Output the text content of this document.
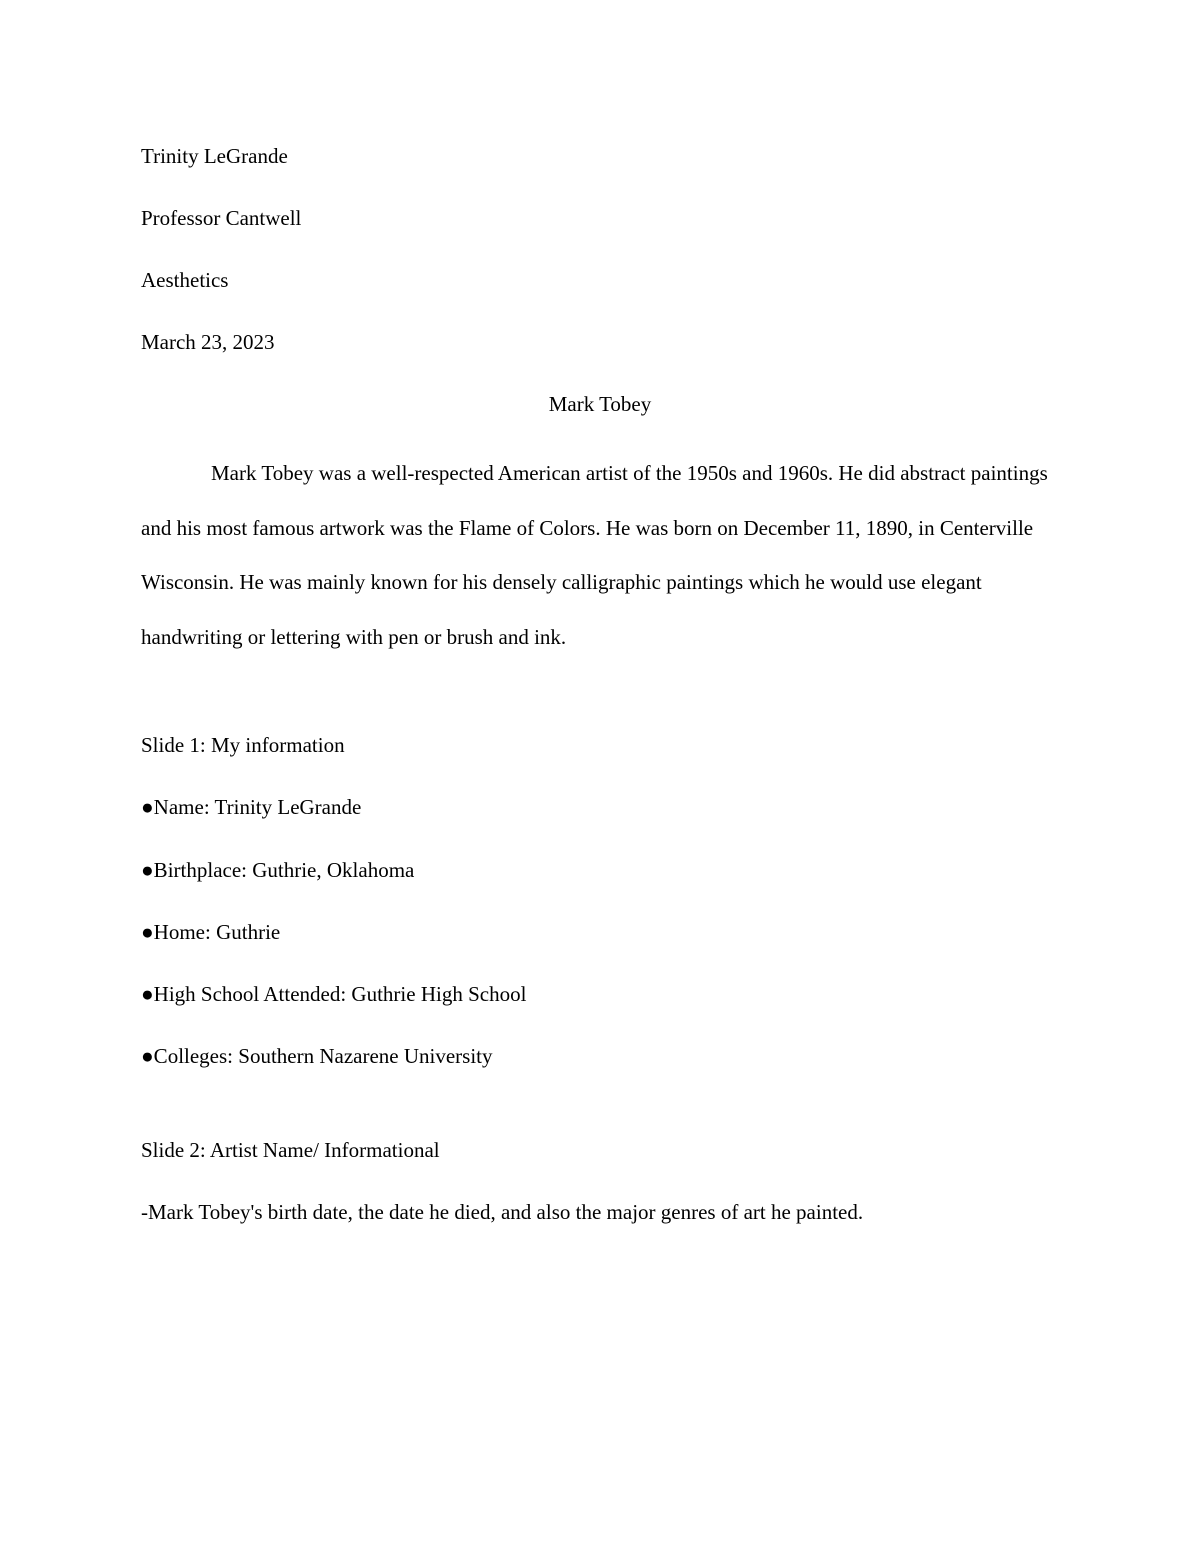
Trinity LeGrande
Professor Cantwell
Aesthetics
March 23, 2023
Mark Tobey

Mark Tobey was a well-respected American artist of the 1950s and 1960s. He did abstract paintings and his most famous artwork was the Flame of Colors. He was born on December 11, 1890, in Centerville Wisconsin. He was mainly known for his densely calligraphic paintings which he would use elegant handwriting or lettering with pen or brush and ink.

Slide 1: My information
●Name: Trinity LeGrande
●Birthplace: Guthrie, Oklahoma
●Home: Guthrie
●High School Attended: Guthrie High School
●Colleges: Southern Nazarene University
Slide 2: Artist Name/ Informational
-Mark Tobey's birth date, the date he died, and also the major genres of art he painted.
